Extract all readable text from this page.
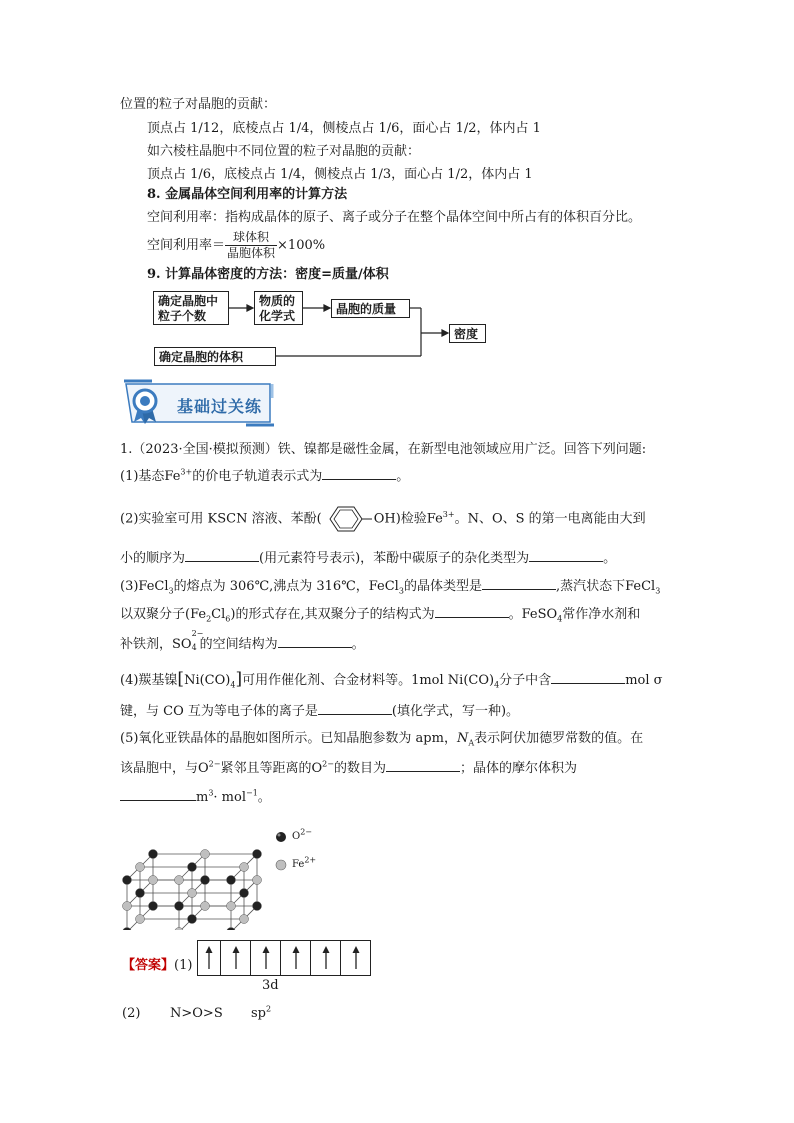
位置的粒子对晶胞的贡献：
顶点占 1/12，底棱点占 1/4，侧棱点占 1/6，面心占 1/2，体内占 1
如六棱柱晶胞中不同位置的粒子对晶胞的贡献：
顶点占 1/6，底棱点占 1/4，侧棱点占 1/3，面心占 1/2，体内占 1
8. 金属晶体空间利用率的计算方法
空间利用率：指构成晶体的原子、离子或分子在整个晶体空间中所占有的体积百分比。
空间利用率＝ $\frac{\text{球体积}}{\text{晶胞体积}} \times 100\%$
9. 计算晶体密度的方法：密度=质量/体积
确定晶胞中
粒子个数
物质的
化学式	晶胞的质量
密度
确定晶胞的体积
基础过关练
1.（2023·全国·模拟预测）铁、镍都是磁性金属，在新型电池领域应用广泛。回答下列问题:
(1)基态$Fe^{3+}$的价电子轨道表示式为	。
(2)实验室可用 KSCN 溶液、苯酚(	OH)检验$Fe^{3+}$。N、O、S 的第一电离能由大到
小的顺序为	(用元素符号表示)，苯酚中碳原子的杂化类型为	。
(3)FeCl$_3$的熔点为 306℃,沸点为 316℃，FeCl$_3$的晶体类型是	,蒸汽状态下FeCl$_3$
以双聚分子$(Fe_2Cl_6)$的形式存在,其双聚分子的结构式为	。FeSO$_4$常作净水剂和
补铁剂，SO
2−
4 的空间结构为	。
(4)羰基镍$[Ni(CO)_4]$可用作催化剂、合金材料等。1mol $Ni(CO)_4$分子中含	mol σ
键，与 CO 互为等电子体的离子是	(填化学式，写一种)。
(5)氧化亚铁晶体的晶胞如图所示。已知晶胞参数为 apm，$N_A$表示阿伏加德罗常数的值。在
该晶胞中，与$O^{2-}$紧邻且等距离的$O^{2-}$的数目为	；晶体的摩尔体积为
$m^3\cdot mol^{-1}$。
$O^{2-}$
$Fe^{2+}$
【答案】(1)
3d
(2) N>O>S $sp^2$
